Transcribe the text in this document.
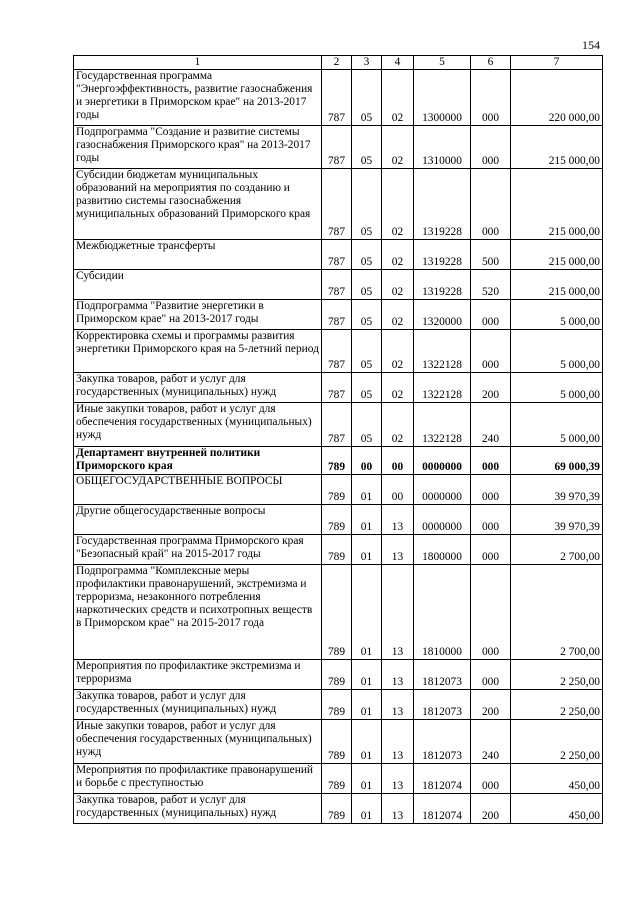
154
1	2	3	4	5	6	7
Государственная программа "Энергоэффективность, развитие газоснабжения и энергетики в Приморском крае" на 2013-2017 годы	787	05	02	1300000	000	220 000,00
Подпрограмма "Создание и развитие системы газоснабжения Приморского края" на 2013-2017 годы	787	05	02	1310000	000	215 000,00
Субсидии бюджетам муниципальных образований на мероприятия по созданию и развитию системы газоснабжения муниципальных образований Приморского края	787	05	02	1319228	000	215 000,00
Межбюджетные трансферты	787	05	02	1319228	500	215 000,00
Субсидии	787	05	02	1319228	520	215 000,00
Подпрограмма "Развитие энергетики в Приморском крае" на 2013-2017 годы	787	05	02	1320000	000	5 000,00
Корректировка схемы и программы развития энергетики Приморского края на 5-летний период	787	05	02	1322128	000	5 000,00
Закупка товаров, работ и услуг для государственных (муниципальных) нужд	787	05	02	1322128	200	5 000,00
Иные закупки товаров, работ и услуг для обеспечения государственных (муниципальных) нужд	787	05	02	1322128	240	5 000,00
Департамент внутренней политики Приморского края	789	00	00	0000000	000	69 000,39
ОБЩЕГОСУДАРСТВЕННЫЕ ВОПРОСЫ	789	01	00	0000000	000	39 970,39
Другие общегосударственные вопросы	789	01	13	0000000	000	39 970,39
Государственная программа Приморского края "Безопасный край" на 2015-2017 годы	789	01	13	1800000	000	2 700,00
Подпрограмма "Комплексные меры профилактики правонарушений, экстремизма и терроризма, незаконного потребления наркотических средств и психотропных веществ в Приморском крае" на 2015-2017 года	789	01	13	1810000	000	2 700,00
Мероприятия по профилактике экстремизма и терроризма	789	01	13	1812073	000	2 250,00
Закупка товаров, работ и услуг для государственных (муниципальных) нужд	789	01	13	1812073	200	2 250,00
Иные закупки товаров, работ и услуг для обеспечения государственных (муниципальных) нужд	789	01	13	1812073	240	2 250,00
Мероприятия по профилактике правонарушений и борьбе с преступностью	789	01	13	1812074	000	450,00
Закупка товаров, работ и услуг для государственных (муниципальных) нужд	789	01	13	1812074	200	450,00
